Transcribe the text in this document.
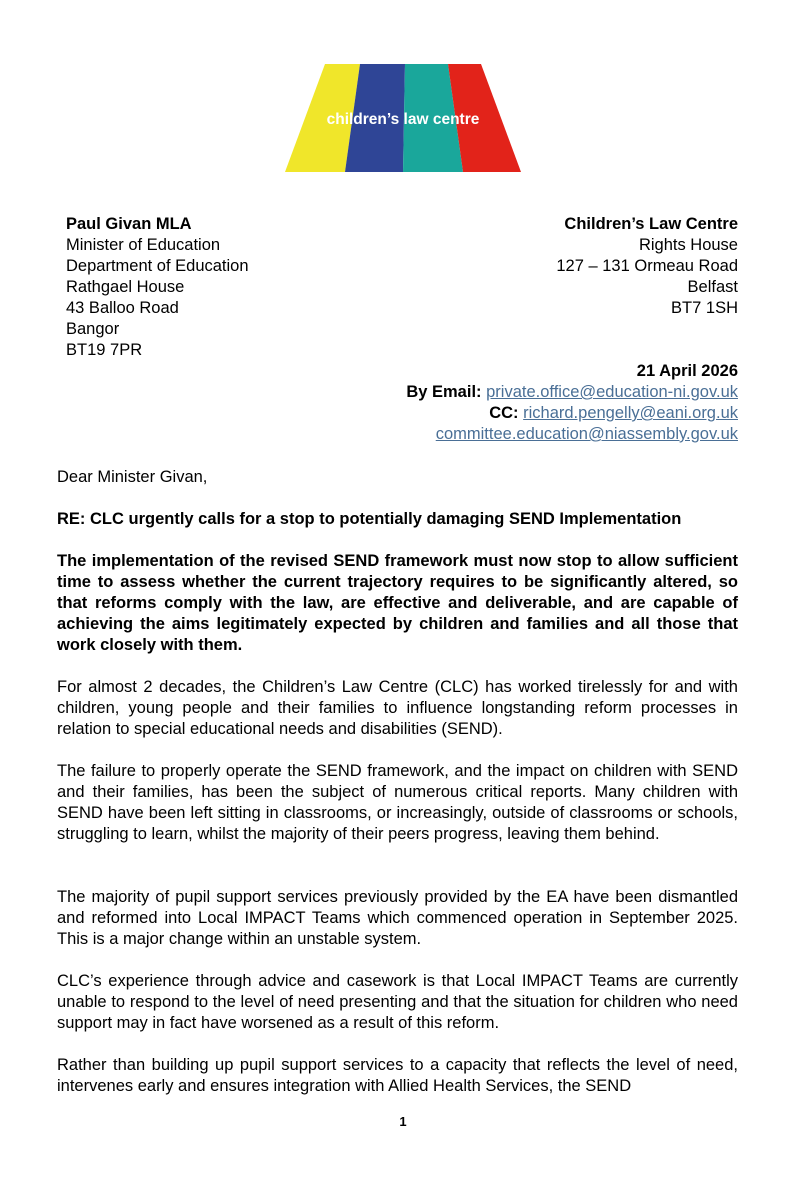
children’s law centre
Paul Givan MLA
Minister of Education
Department of Education
Rathgael House
43 Balloo Road
Bangor
BT19 7PR
Children’s Law Centre
Rights House
127 – 131 Ormeau Road
Belfast
BT7 1SH
21 April 2026
By Email: private.office@education-ni.gov.uk
CC: richard.pengelly@eani.org.uk
committee.education@niassembly.gov.uk

Dear Minister Givan,

RE: CLC urgently calls for a stop to potentially damaging SEND Implementation

The implementation of the revised SEND framework must now stop to allow sufficient time to assess whether the current trajectory requires to be significantly altered, so that reforms comply with the law, are effective and deliverable, and are capable of achieving the aims legitimately expected by children and families and all those that work closely with them.

For almost 2 decades, the Children’s Law Centre (CLC) has worked tirelessly for and with children, young people and their families to influence longstanding reform processes in relation to special educational needs and disabilities (SEND).

The failure to properly operate the SEND framework, and the impact on children with SEND and their families, has been the subject of numerous critical reports. Many children with SEND have been left sitting in classrooms, or increasingly, outside of classrooms or schools, struggling to learn, whilst the majority of their peers progress, leaving them behind.

The majority of pupil support services previously provided by the EA have been dismantled and reformed into Local IMPACT Teams which commenced operation in September 2025. This is a major change within an unstable system.

CLC’s experience through advice and casework is that Local IMPACT Teams are currently unable to respond to the level of need presenting and that the situation for children who need support may in fact have worsened as a result of this reform.

Rather than building up pupil support services to a capacity that reflects the level of need, intervenes early and ensures integration with Allied Health Services, the SEND

1
